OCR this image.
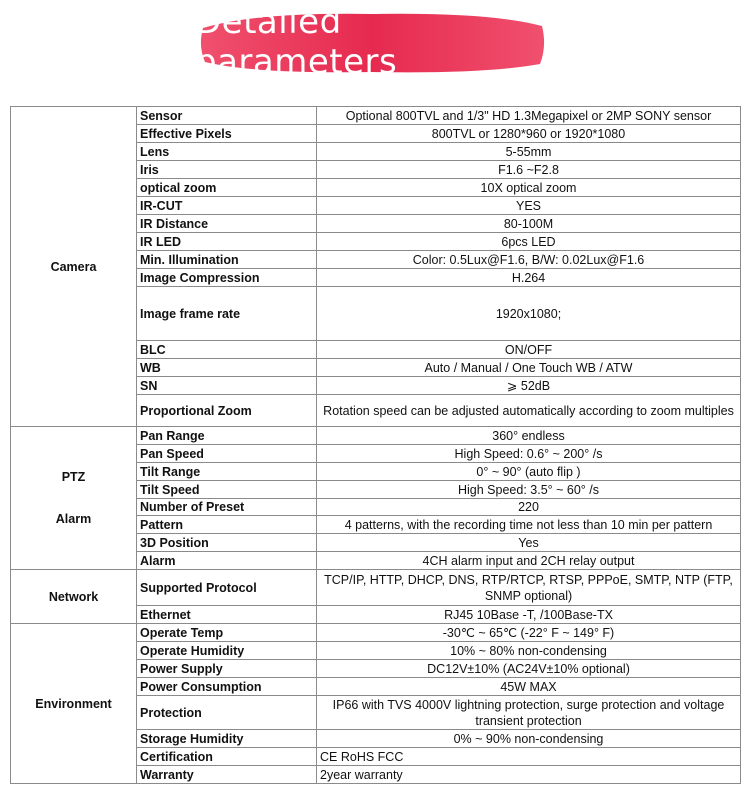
Detailed parameters
Camera	Sensor	Optional 800TVL and 1/3" HD 1.3Megapixel or 2MP SONY sensor
	Effective Pixels	800TVL or 1280*960 or 1920*1080
	Lens	5-55mm
	Iris	F1.6 ~F2.8
	optical zoom	10X optical zoom
	IR-CUT	YES
	IR Distance	80-100M
	IR LED	6pcs LED
	Min. Illumination	Color: 0.5Lux@F1.6, B/W: 0.02Lux@F1.6
	Image Compression	H.264
	Image frame rate	1920x1080;
	BLC	ON/OFF
	WB	Auto / Manual / One Touch WB / ATW
	SN	⩾ 52dB
	Proportional Zoom	Rotation speed can be adjusted automatically according to zoom multiples

PTZ
Alarm	Pan Range	360° endless
	Pan Speed	High Speed: 0.6° ~ 200° /s
	Tilt Range	0° ~ 90° (auto flip )
	Tilt Speed	High Speed: 3.5° ~ 60° /s
	Number of Preset	220
	Pattern	4 patterns, with the recording time not less than 10 min per pattern
	3D Position	Yes
	Alarm	4CH alarm input and 2CH relay output

Network	Supported Protocol	TCP/IP, HTTP, DHCP, DNS, RTP/RTCP, RTSP, PPPoE, SMTP, NTP (FTP, SNMP optional)
	Ethernet	RJ45 10Base -T, /100Base-TX

Environment	Operate Temp	-30℃ ~ 65℃ (-22° F ~ 149° F)
	Operate Humidity	10% ~ 80% non-condensing
	Power Supply	DC12V±10% (AC24V±10% optional)
	Power Consumption	45W MAX
	Protection	IP66 with TVS 4000V lightning protection, surge protection and voltage transient protection
	Storage Humidity	0% ~ 90% non-condensing
	Certification	CE RoHS FCC
	Warranty	2year warranty
